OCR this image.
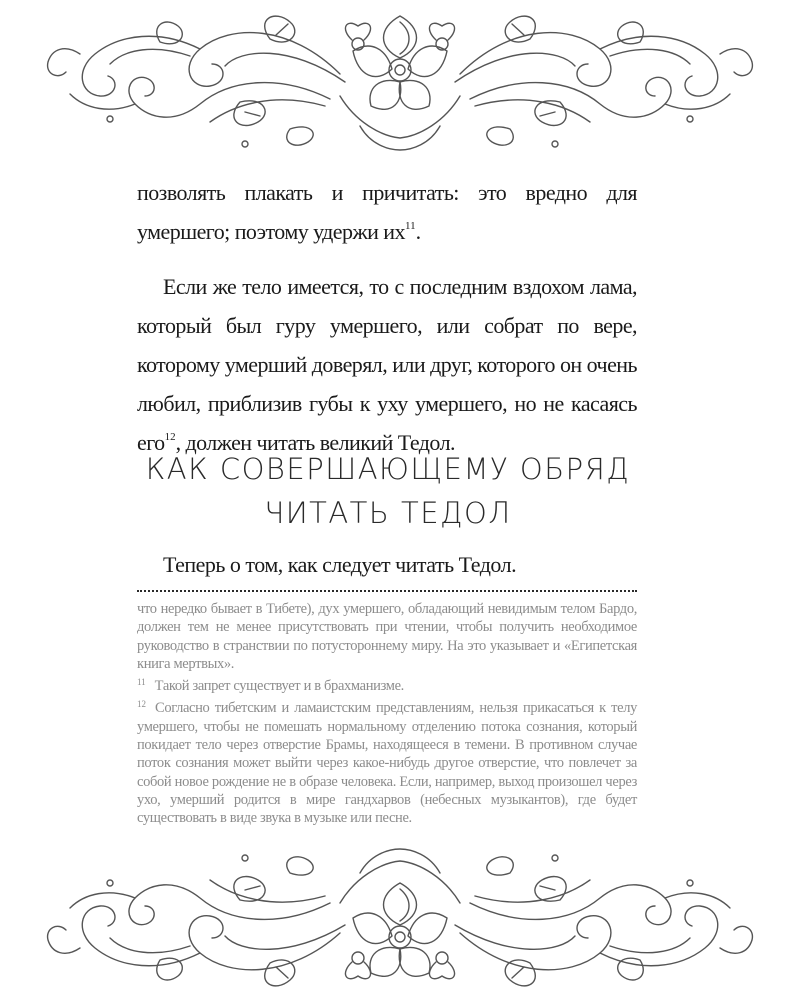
позволять плакать и причитать: это вредно для умершего; поэтому удержи их$^{11}$.

Если же тело имеется, то с последним вздохом лама, который был гуру умершего, или собрат по вере, которому умерший доверял, или друг, которого он очень любил, приблизив губы к уху умершего, но не касаясь его$^{12}$, должен читать великий Тедол.

КАК СОВЕРШАЮЩЕМУ ОБРЯД
ЧИТАТЬ ТЕДОЛ
Теперь о том, как следует читать Тедол.

что нередко бывает в Тибете), дух умершего, обладающий невидимым телом Бардо, должен тем не менее присутствовать при чтении, чтобы получить необходимое руководство в странствии по потустороннему миру. На это указывает и «Египетская книга мертвых».

$^{11}$ Такой запрет существует и в брахманизме.

$^{12}$ Согласно тибетским и ламаистским представлениям, нельзя прикасаться к телу умершего, чтобы не помешать нормальному отделению потока сознания, который покидает тело через отверстие Брамы, находящееся в темени. В противном случае поток сознания может выйти через какое-нибудь другое отверстие, что повлечет за собой новое рождение не в образе человека. Если, например, выход произошел через ухо, умерший родится в мире гандхарвов (небесных музыкантов), где будет существовать в виде звука в музыке или песне.
